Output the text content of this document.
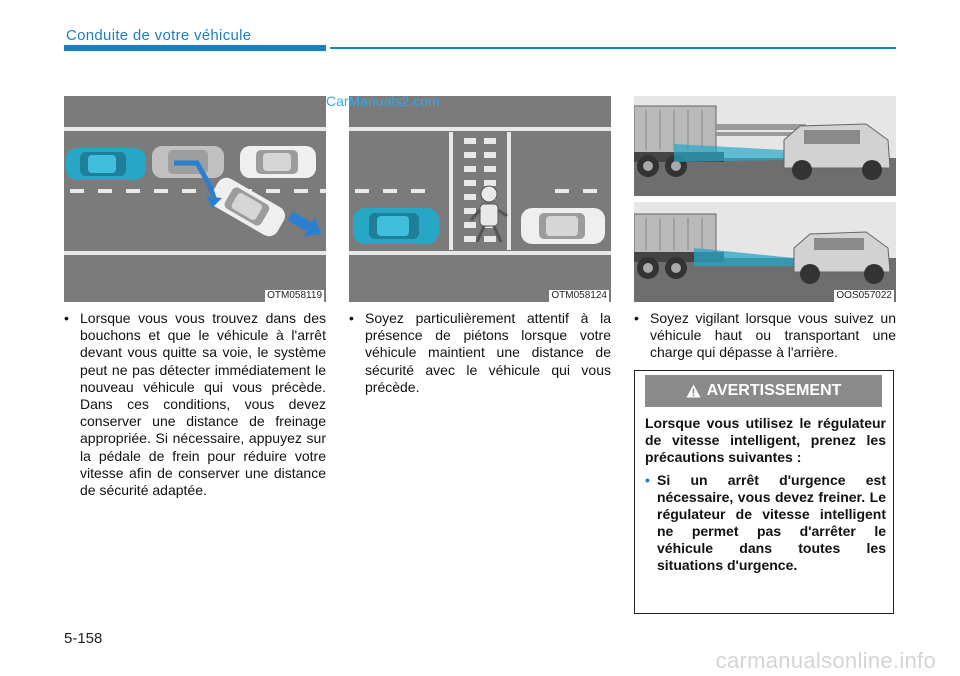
Conduite de votre véhicule
CarManuals2.com
OTM058119	OTM058124	OOS057022
• Lorsque vous vous trouvez dans des bouchons et que le véhicule à l'arrêt devant vous quitte sa voie, le système peut ne pas détecter immédiatement le nouveau véhicule qui vous précède. Dans ces conditions, vous devez conserver une distance de freinage appropriée. Si nécessaire, appuyez sur la pédale de frein pour réduire votre vitesse afin de conserver une distance de sécurité adaptée.
• Soyez particulièrement attentif à la présence de piétons lorsque votre véhicule maintient une distance de sécurité avec le véhicule qui vous précède.
• Soyez vigilant lorsque vous suivez un véhicule haut ou transportant une charge qui dépasse à l'arrière.
AVERTISSEMENT
Lorsque vous utilisez le régulateur de vitesse intelligent, prenez les précautions suivantes :
• Si un arrêt d'urgence est nécessaire, vous devez freiner. Le régulateur de vitesse intelligent ne permet pas d'arrêter le véhicule dans toutes les situations d'urgence.
5-158
carmanualsonline.info
